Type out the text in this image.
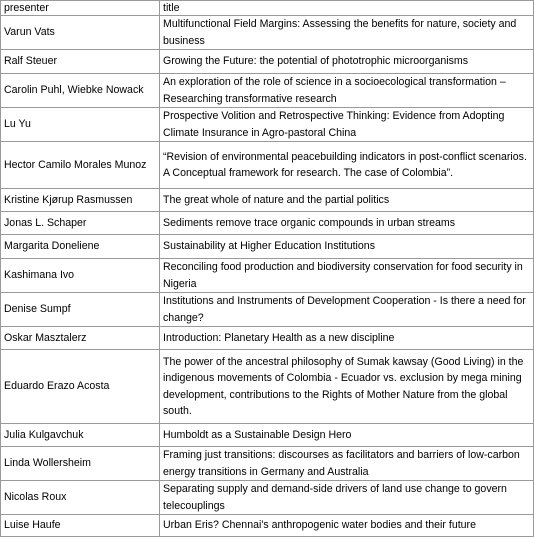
presenter	title
Varun Vats	Multifunctional Field Margins: Assessing the benefits for nature, society and business
Ralf Steuer	Growing the Future: the potential of phototrophic microorganisms
Carolin Puhl, Wiebke Nowack	An exploration of the role of science in a socioecological transformation – Researching transformative research
Lu Yu	Prospective Volition and Retrospective Thinking: Evidence from Adopting Climate Insurance in Agro-pastoral China
Hector Camilo Morales Munoz	“Revision of environmental peacebuilding indicators in post-conflict scenarios. A Conceptual framework for research. The case of Colombia”.
Kristine Kjørup Rasmussen	The great whole of nature and the partial politics
Jonas L. Schaper	Sediments remove trace organic compounds in urban streams
Margarita Doneliene	Sustainability at Higher Education Institutions
Kashimana Ivo	Reconciling food production and biodiversity conservation for food security in Nigeria
Denise Sumpf	Institutions and Instruments of Development Cooperation - Is there a need for change?
Oskar Masztalerz	Introduction: Planetary Health as a new discipline
Eduardo Erazo Acosta	The power of the ancestral philosophy of Sumak kawsay (Good Living) in the indigenous movements of Colombia - Ecuador vs. exclusion by mega mining development, contributions to the Rights of Mother Nature from the global south.
Julia Kulgavchuk	Humboldt as a Sustainable Design Hero
Linda Wollersheim	Framing just transitions: discourses as facilitators and barriers of low-carbon energy transitions in Germany and Australia
Nicolas Roux	Separating supply and demand-side drivers of land use change to govern telecouplings
Luise Haufe	Urban Eris? Chennai's anthropogenic water bodies and their future
